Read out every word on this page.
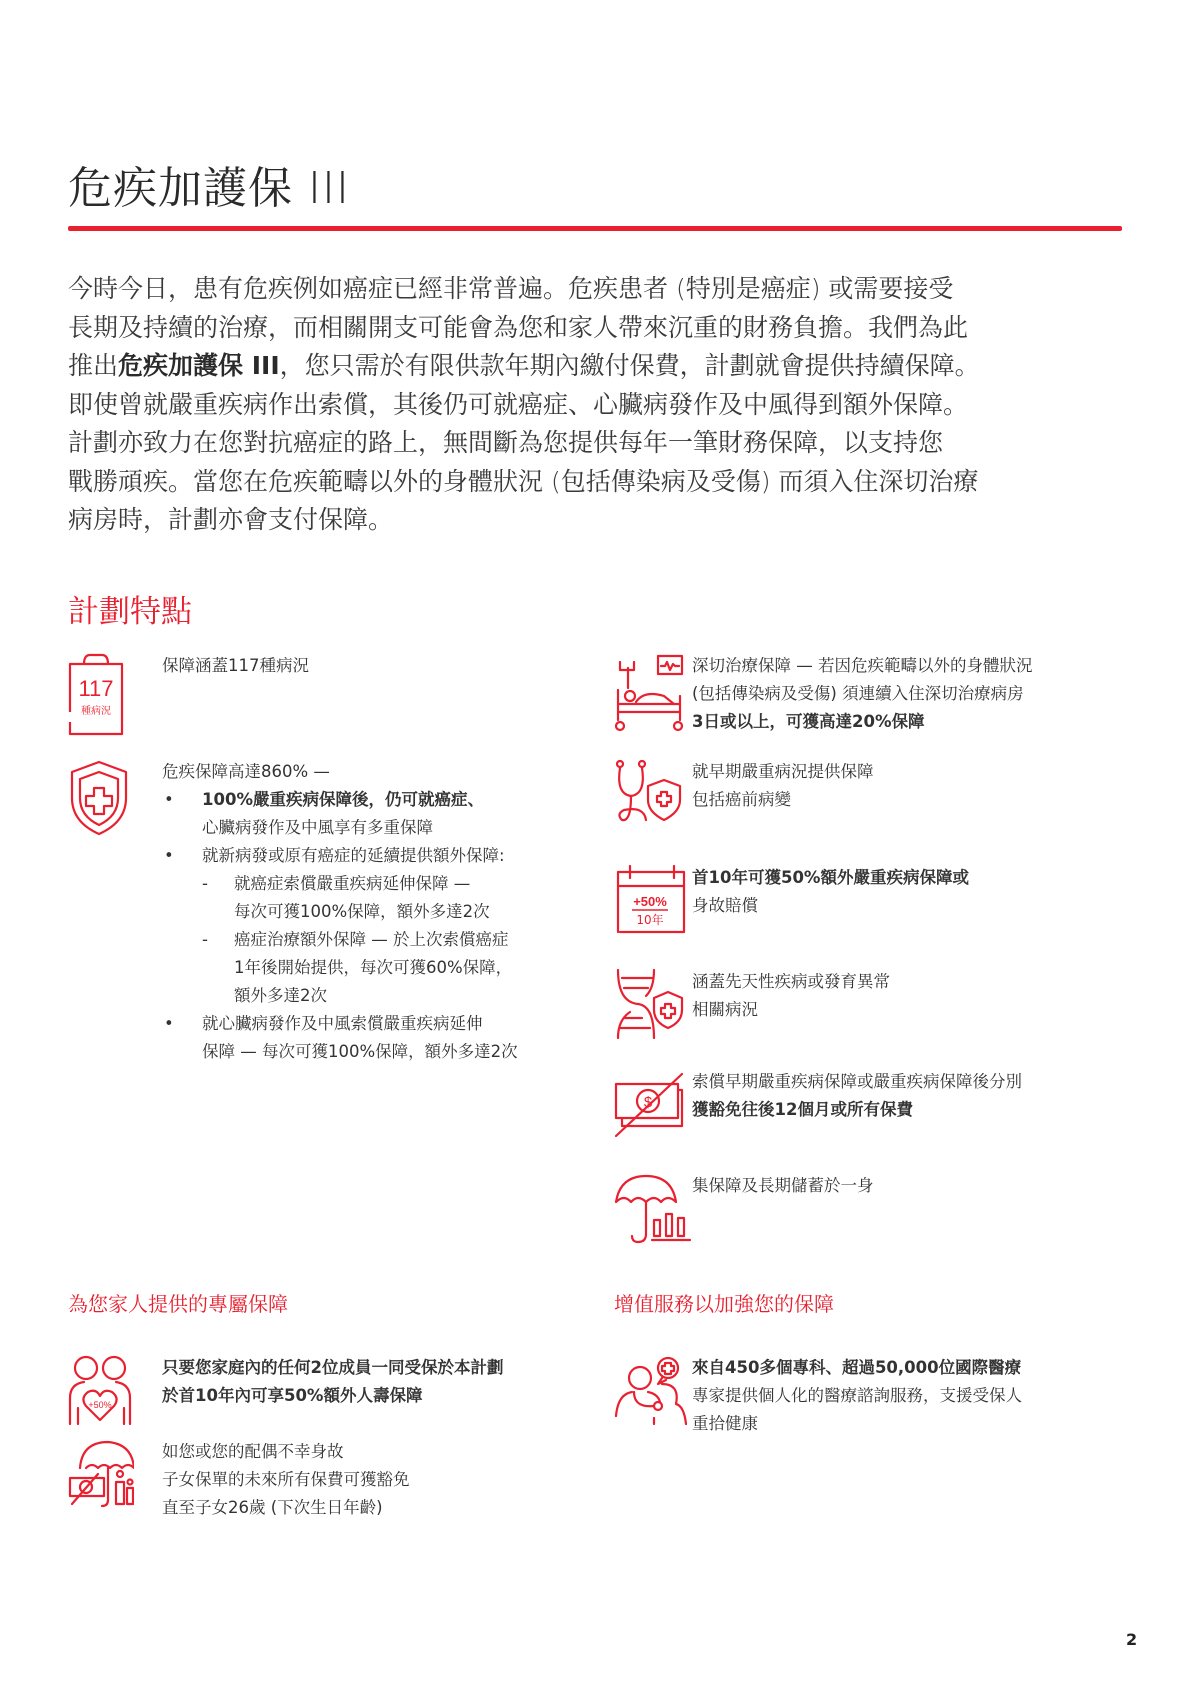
危疾加護保 III

今時今日，患有危疾例如癌症已經非常普遍。危疾患者 (特別是癌症) 或需要接受

長期及持續的治療，而相關開支可能會為您和家人帶來沉重的財務負擔。我們為此

推出危疾加護保 III，您只需於有限供款年期內繳付保費，計劃就會提供持續保障。

即使曾就嚴重疾病作出索償，其後仍可就癌症、心臟病發作及中風得到額外保障。

計劃亦致力在您對抗癌症的路上，無間斷為您提供每年一筆財務保障，以支持您

戰勝頑疾。當您在危疾範疇以外的身體狀況 (包括傳染病及受傷) 而須入住深切治療

病房時，計劃亦會支付保障。

計劃特點
117
種病況

保障涵蓋117種病況

危疾保障高達860% —

• 100%嚴重疾病保障後，仍可就癌症、

心臟病發作及中風享有多重保障

• 就新病發或原有癌症的延續提供額外保障:

- 就癌症索償嚴重疾病延伸保障 —

每次可獲100%保障，額外多達2次

- 癌症治療額外保障 — 於上次索償癌症

1年後開始提供，每次可獲60%保障，

額外多達2次

• 就心臟病發作及中風索償嚴重疾病延伸

保障 — 每次可獲100%保障，額外多達2次

深切治療保障 — 若因危疾範疇以外的身體狀況

(包括傳染病及受傷) 須連續入住深切治療病房

3日或以上，可獲高達20%保障

就早期嚴重病況提供保障

包括癌前病變

+50%
10年

首10年可獲50%額外嚴重疾病保障或

身故賠償

涵蓋先天性疾病或發育異常

相關病況

$

索償早期嚴重疾病保障或嚴重疾病保障後分別

獲豁免往後12個月或所有保費

集保障及長期儲蓄於一身

為您家人提供的專屬保障
+50%

只要您家庭內的任何2位成員一同受保於本計劃

於首10年內可享50%額外人壽保障

如您或您的配偶不幸身故

子女保單的未來所有保費可獲豁免

直至子女26歲 (下次生日年齡)

增值服務以加強您的保障

來自450多個專科、超過50,000位國際醫療

專家提供個人化的醫療諮詢服務，支援受保人

重拾健康

2
